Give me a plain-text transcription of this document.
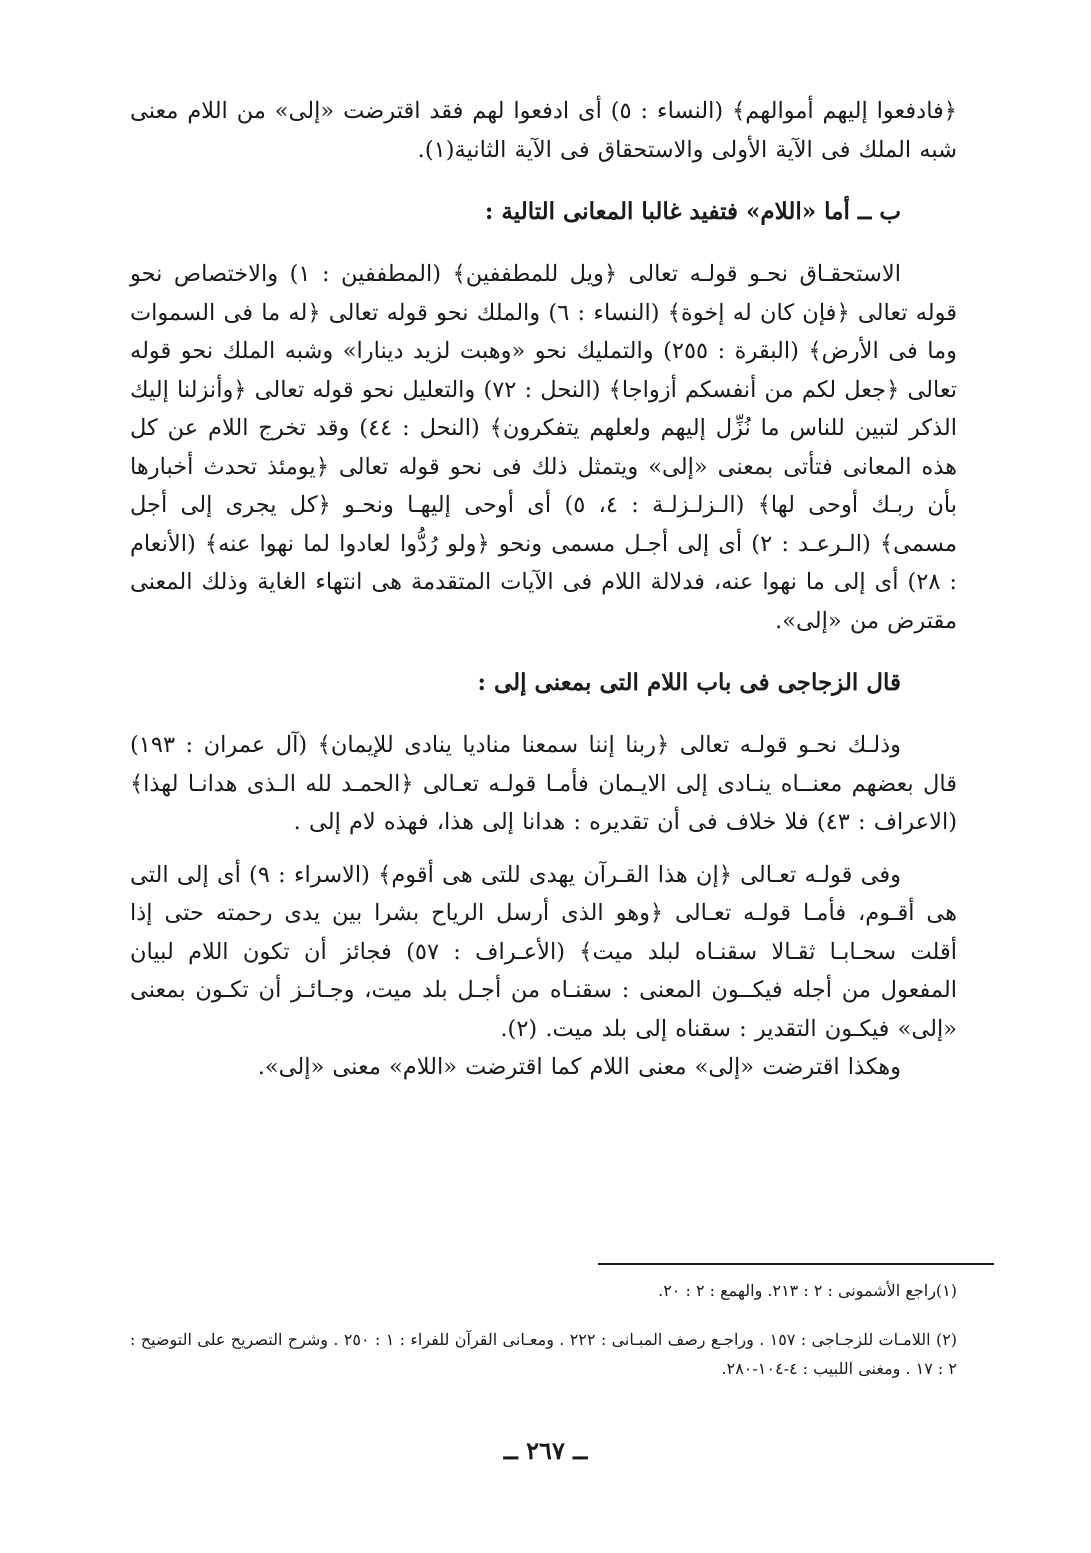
﴿فادفعوا إليهم أموالهم﴾ (النساء : ٥) أى ادفعوا لهم فقد اقترضت «إلى» من اللام معنى شبه الملك فى الآية الأولى والاستحقاق فى الآية الثانية(١).

ب ــ أما «اللام» فتفيد غالبا المعانى التالية :

الاستحقـاق نحـو قولـه تعالى ﴿ويل للمطففين﴾ (المطففين : ١) والاختصاص نحو قوله تعالى ﴿فإن كان له إخوة﴾ (النساء : ٦) والملك نحو قوله تعالى ﴿له ما فى السموات وما فى الأرض﴾ (البقرة : ٢٥٥) والتمليك نحو «وهبت لزيد دينارا» وشبه الملك نحو قوله تعالى ﴿جعل لكم من أنفسكم أزواجا﴾ (النحل : ٧٢) والتعليل نحو قوله تعالى ﴿وأنزلنا إليك الذكر لتبين للناس ما نُزِّل إليهم ولعلهم يتفكرون﴾ (النحل : ٤٤) وقد تخرج اللام عن كل هذه المعانى فتأتى بمعنى «إلى» ويتمثل ذلك فى نحو قوله تعالى ﴿يومئذ تحدث أخبارها بأن ربـك أوحى لها﴾ (الـزلـزلـة : ٤، ٥) أى أوحى إليهـا ونحـو ﴿كل يجرى إلى أجل مسمى﴾ (الـرعـد : ٢) أى إلى أجـل مسمى ونحو ﴿ولو رُدُّوا لعادوا لما نهوا عنه﴾ (الأنعام : ٢٨) أى إلى ما نهوا عنه، فدلالة اللام فى الآيات المتقدمة هى انتهاء الغاية وذلك المعنى مقترض من «إلى».

قال الزجاجى فى باب اللام التى بمعنى إلى :

وذلـك نحـو قولـه تعالى ﴿ربنا إننا سمعنا مناديا ينادى للإيمان﴾ (آل عمران : ١٩٣) قال بعضهم معنــاه ينـادى إلى الايـمان فأمـا قولـه تعـالى ﴿الحمـد لله الـذى هدانـا لهذا﴾ (الاعراف : ٤٣) فلا خلاف فى أن تقديره : هدانا إلى هذا، فهذه لام إلى .

وفى قولـه تعـالى ﴿إن هذا القـرآن يهدى للتى هى أقوم﴾ (الاسراء : ٩) أى إلى التى هى أقـوم، فأمـا قولـه تعـالى ﴿وهو الذى أرسل الرياح بشرا بين يدى رحمته حتى إذا أقلت سحـابـا ثقـالا سقنـاه لبلد ميت﴾ (الأعـراف : ٥٧) فجائز أن تكون اللام لبيان المفعول من أجله فيكــون المعنى : سقنـاه من أجـل بلد ميت، وجـائـز أن تكـون بمعنى «إلى» فيكـون التقدير : سقناه إلى بلد ميت. (٢).

وهكذا اقترضت «إلى» معنى اللام كما اقترضت «اللام» معنى «إلى».

(١)راجع الأشمونى : ٢ : ٢١٣. والهمع : ٢ : ٢٠.

(٢) اللامـات للزجـاجى : ١٥٧ . وراجـع رصف المبـانى : ٢٢٢ . ومعـانى القرآن للفراء : ١ : ٢٥٠ . وشرح التصريح على التوضيح : ٢ : ١٧ . ومغنى اللبيب : ٤-١٠٤-٢٨٠.

ــ ٢٦٧ ــ
